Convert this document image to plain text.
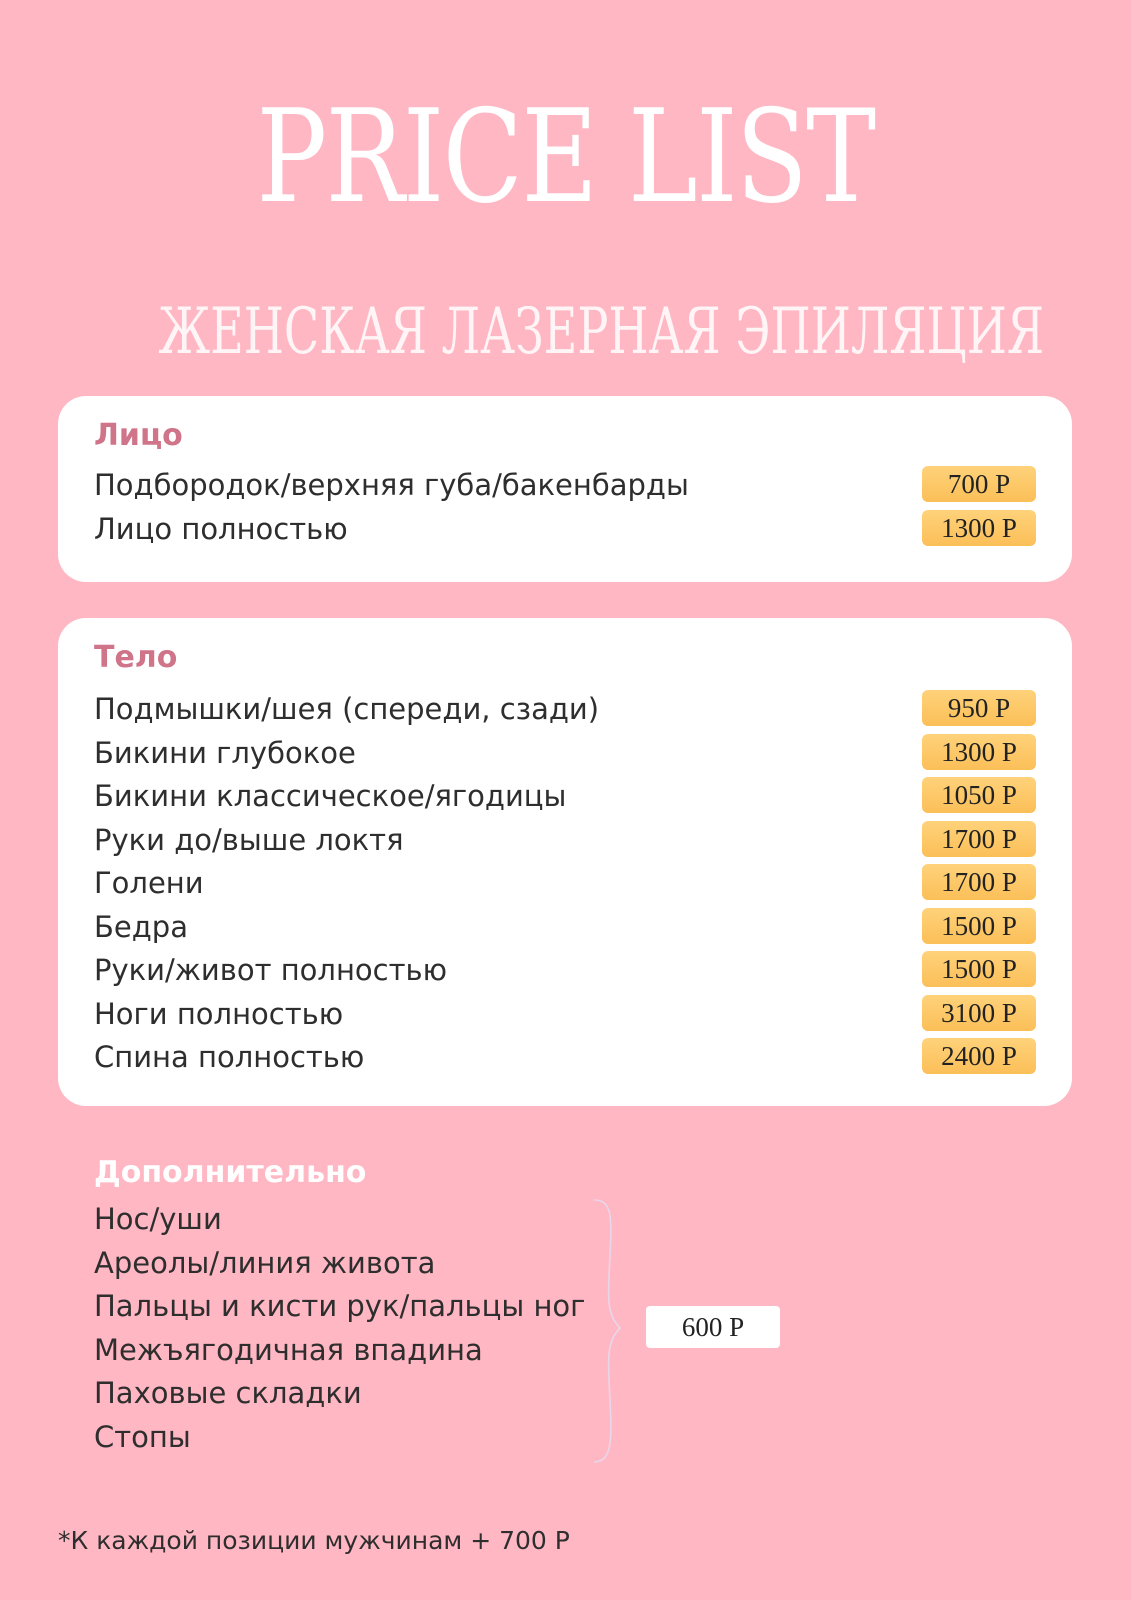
PRICE LIST
ЖЕНСКАЯ ЛАЗЕРНАЯ ЭПИЛЯЦИЯ
Лицо
Подбородок/верхняя губа/бакенбарды	700 Р
Лицо полностью	1300 Р
Тело
Подмышки/шея (спереди, сзади)	950 Р
Бикини глубокое	1300 Р
Бикини классическое/ягодицы	1050 Р
Руки до/выше локтя	1700 Р
Голени	1700 Р
Бедра	1500 Р
Руки/живот полностью	1500 Р
Ноги полностью	3100 Р
Спина полностью	2400 Р
Дополнительно
Нос/уши
Ареолы/линия живота
Пальцы и кисти рук/пальцы ног
Межъягодичная впадина
Паховые складки
Стопы
600 Р
*К каждой позиции мужчинам + 700 Р
